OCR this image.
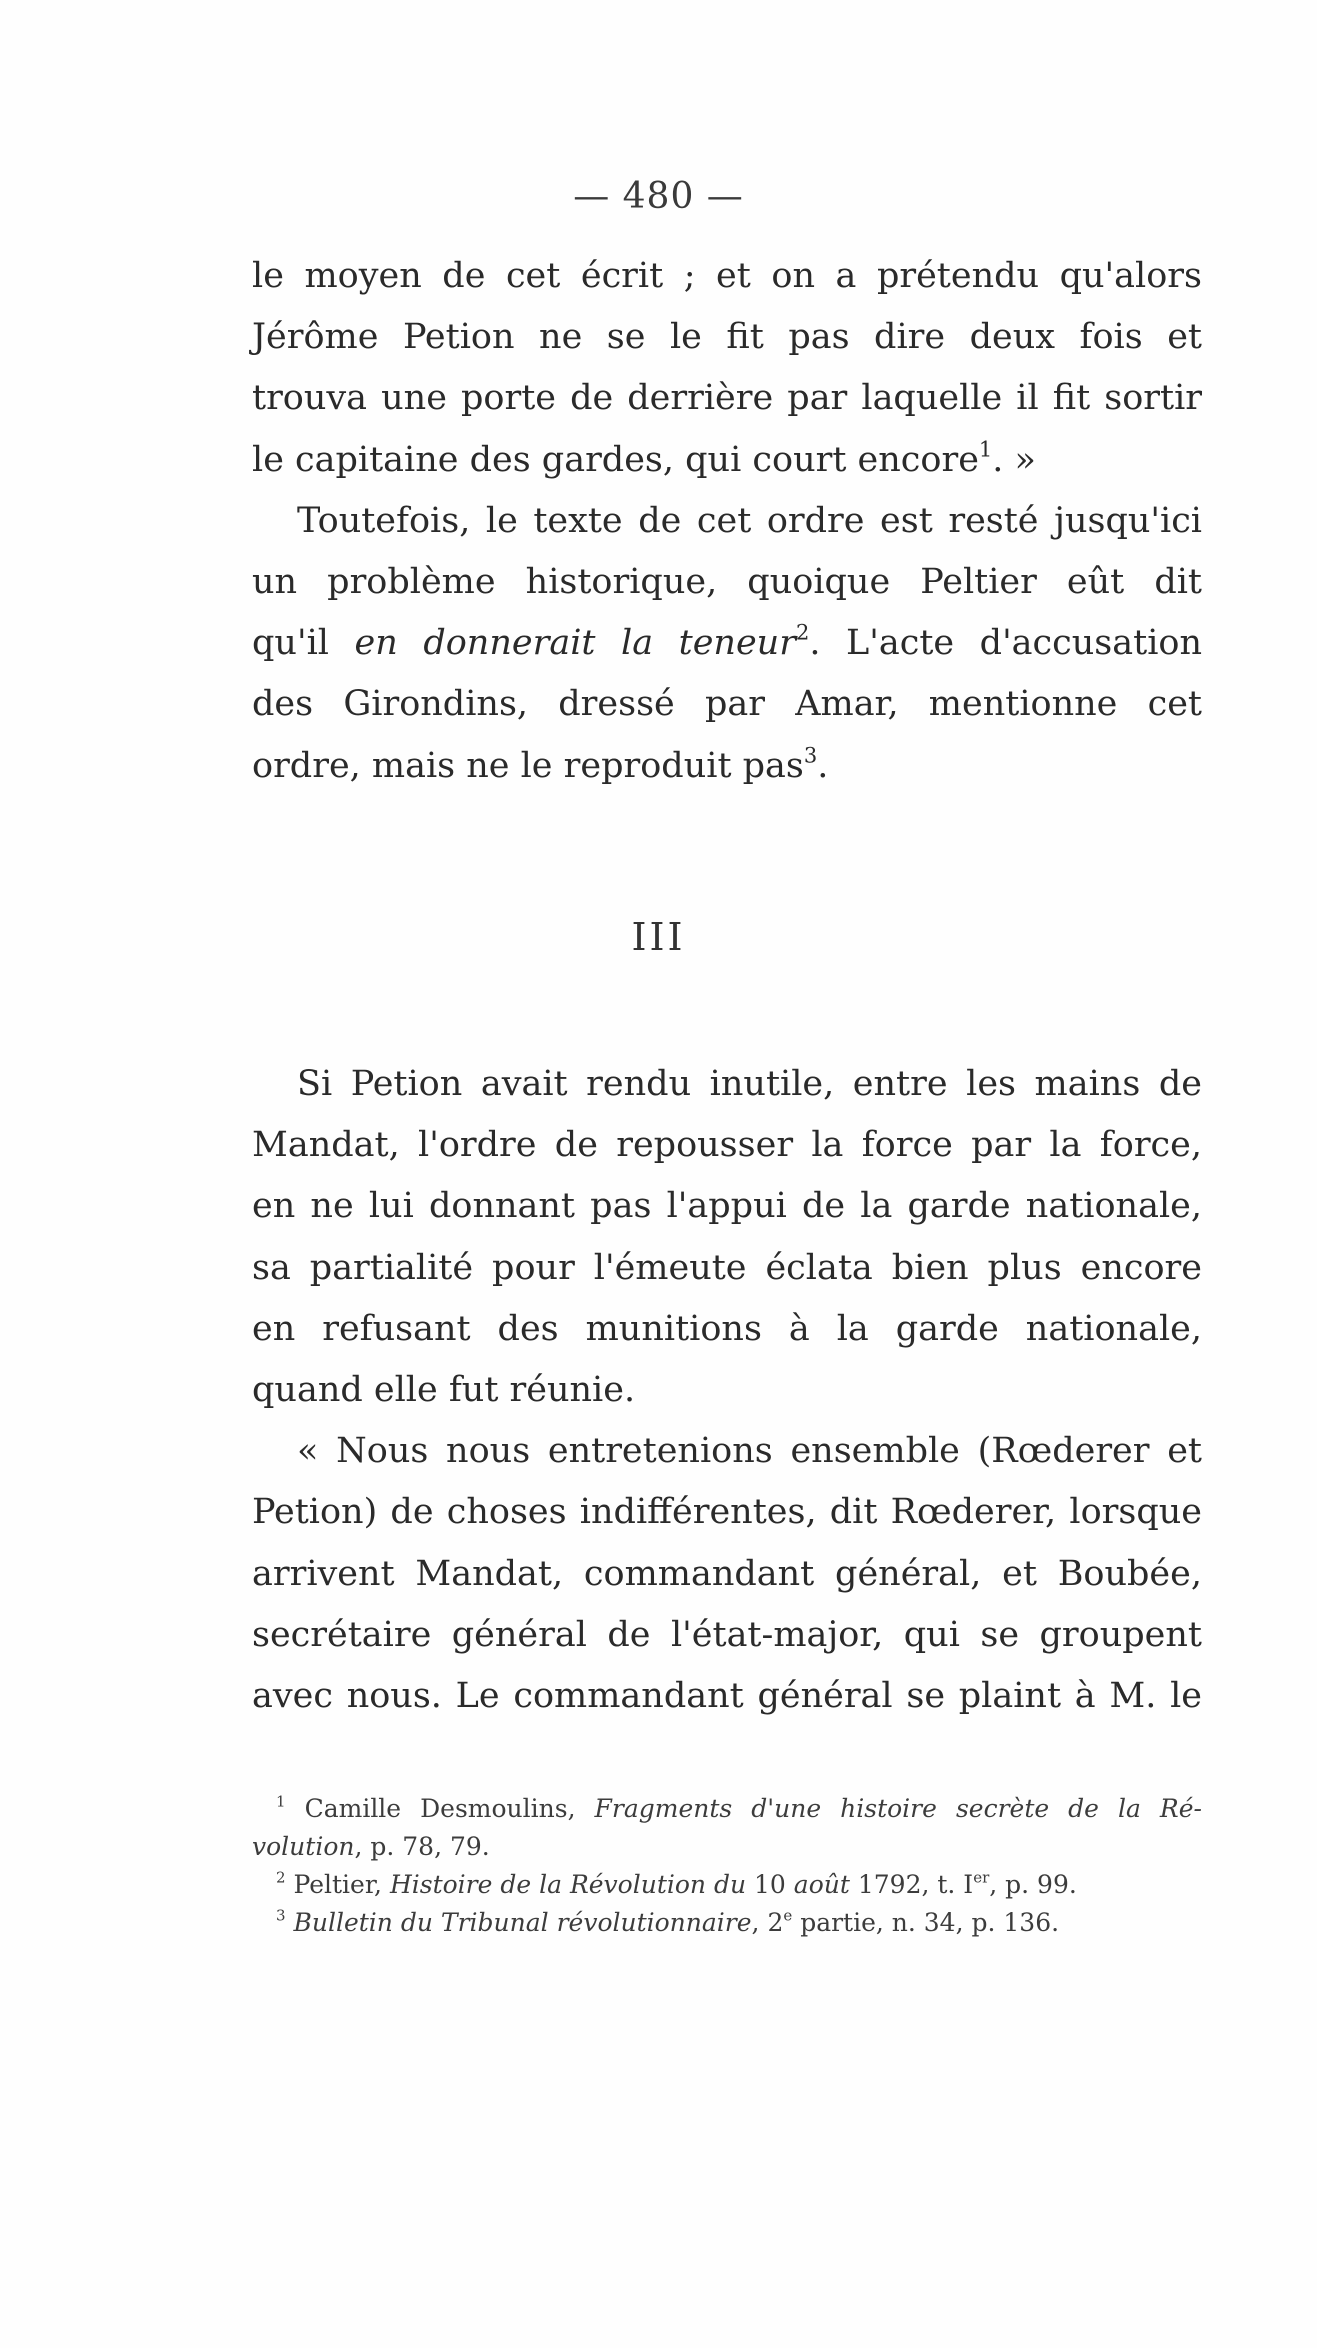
— 480 —
le moyen de cet écrit ; et on a prétendu qu'alors
Jérôme Petion ne se le fit pas dire deux fois et
trouva une porte de derrière par laquelle il fit sortir
le capitaine des gardes, qui court encore$^1$. »
Toutefois, le texte de cet ordre est resté jusqu'ici
un problème historique, quoique Peltier eût dit
qu'il en donnerait la teneur$^2$. L'acte d'accusation
des Girondins, dressé par Amar, mentionne cet
ordre, mais ne le reproduit pas$^3$.
III
Si Petion avait rendu inutile, entre les mains de
Mandat, l'ordre de repousser la force par la force,
en ne lui donnant pas l'appui de la garde nationale,
sa partialité pour l'émeute éclata bien plus encore
en refusant des munitions à la garde nationale,
quand elle fut réunie.
« Nous nous entretenions ensemble (Rœderer et
Petion) de choses indifférentes, dit Rœderer, lorsque
arrivent Mandat, commandant général, et Boubée,
secrétaire général de l'état-major, qui se groupent
avec nous. Le commandant général se plaint à M. le
$^1$ Camille Desmoulins, Fragments d'une histoire secrète de la Ré-
volution, p. 78, 79.
$^2$ Peltier, Histoire de la Révolution du 10 août 1792, t. Ier, p. 99.
$^3$ Bulletin du Tribunal révolutionnaire, 2e partie, n. 34, p. 136.
